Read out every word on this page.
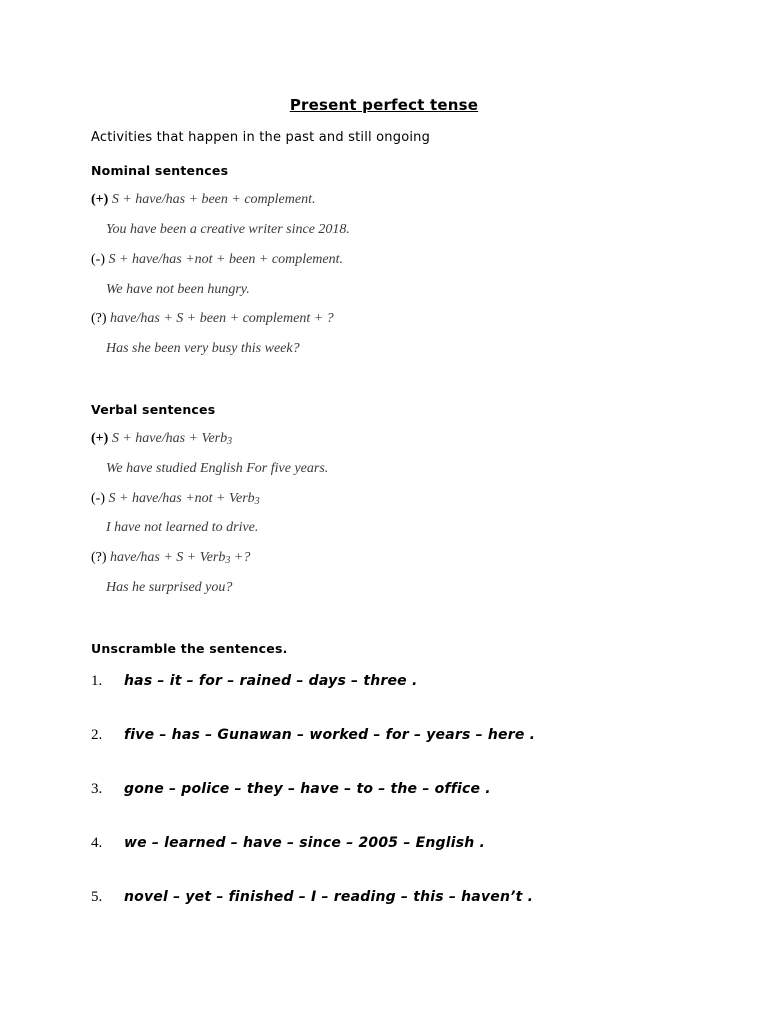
Present perfect tense
Activities that happen in the past and still ongoing
Nominal sentences
(+) S + have/has + been + complement.
You have been a creative writer since 2018.
(-) S + have/has +not + been + complement.
We have not been hungry.
(?) have/has + S + been + complement + ?
Has she been very busy this week?
Verbal sentences
(+) S + have/has + Verb$_3$
We have studied English For five years.
(-) S + have/has +not + Verb$_3$
I have not learned to drive.
(?) have/has + S + Verb$_3$ +?
Has he surprised you?
Unscramble the sentences.
1. has – it – for – rained – days – three .
2. five – has – Gunawan – worked – for – years – here .
3. gone – police – they – have – to – the – office .
4. we – learned – have – since – 2005 – English .
5. novel – yet – finished – I – reading – this – haven’t .
